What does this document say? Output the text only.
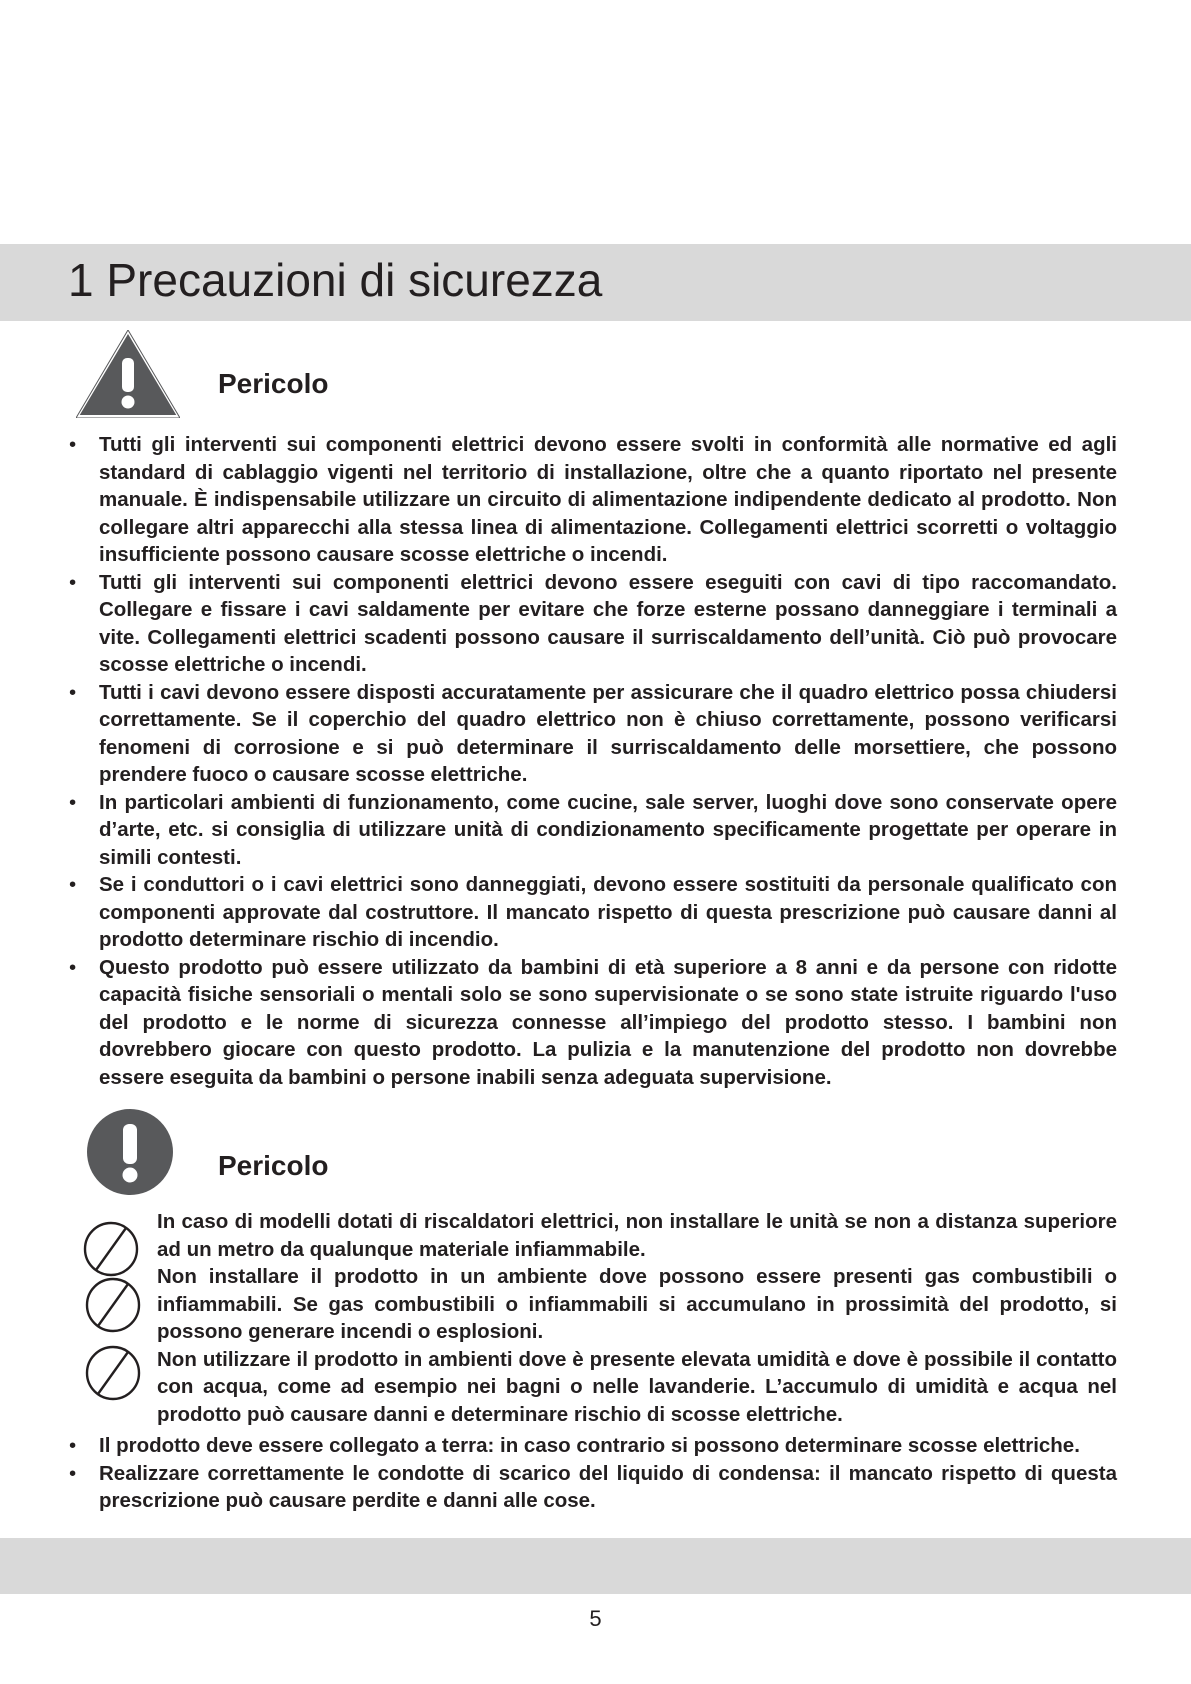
1 Precauzioni di sicurezza
Pericolo
• Tutti gli interventi sui componenti elettrici devono essere svolti in conformità alle normative ed agli standard di cablaggio vigenti nel territorio di installazione, oltre che a quanto riportato nel presente manuale. È indispensabile utilizzare un circuito di alimentazione indipendente dedicato al prodotto. Non collegare altri apparecchi alla stessa linea di alimentazione. Collegamenti elettrici scorretti o voltaggio insufficiente possono causare scosse elettriche o incendi.
• Tutti gli interventi sui componenti elettrici devono essere eseguiti con cavi di tipo raccomandato. Collegare e fissare i cavi saldamente per evitare che forze esterne possano danneggiare i terminali a vite. Collegamenti elettrici scadenti possono causare il surriscaldamento dell’unità. Ciò può provocare scosse elettriche o incendi.
• Tutti i cavi devono essere disposti accuratamente per assicurare che il quadro elettrico possa chiudersi correttamente. Se il coperchio del quadro elettrico non è chiuso correttamente, possono verificarsi fenomeni di corrosione e si può determinare il surriscaldamento delle morsettiere, che possono prendere fuoco o causare scosse elettriche.
• In particolari ambienti di funzionamento, come cucine, sale server, luoghi dove sono conservate opere d’arte, etc. si consiglia di utilizzare unità di condizionamento specificamente progettate per operare in simili contesti.
• Se i conduttori o i cavi elettrici sono danneggiati, devono essere sostituiti da personale qualificato con componenti approvate dal costruttore. Il mancato rispetto di questa prescrizione può causare danni al prodotto determinare rischio di incendio.
• Questo prodotto può essere utilizzato da bambini di età superiore a 8 anni e da persone con ridotte capacità fisiche sensoriali o mentali solo se sono supervisionate o se sono state istruite riguardo l'uso del prodotto e le norme di sicurezza connesse all’impiego del prodotto stesso. I bambini non dovrebbero giocare con questo prodotto. La pulizia e la manutenzione del prodotto non dovrebbe essere eseguita da bambini o persone inabili senza adeguata supervisione.
Pericolo

In caso di modelli dotati di riscaldatori elettrici, non installare le unità se non a distanza superiore ad un metro da qualunque materiale infiammabile.

Non installare il prodotto in un ambiente dove possono essere presenti gas combustibili o infiammabili. Se gas combustibili o infiammabili si accumulano in prossimità del prodotto, si possono generare incendi o esplosioni.

Non utilizzare il prodotto in ambienti dove è presente elevata umidità e dove è possibile il contatto con acqua, come ad esempio nei bagni o nelle lavanderie. L’accumulo di umidità e acqua nel prodotto può causare danni e determinare rischio di scosse elettriche.

• Il prodotto deve essere collegato a terra: in caso contrario si possono determinare scosse elettriche.
• Realizzare correttamente le condotte di scarico del liquido di condensa: il mancato rispetto di questa prescrizione può causare perdite e danni alle cose.
5
